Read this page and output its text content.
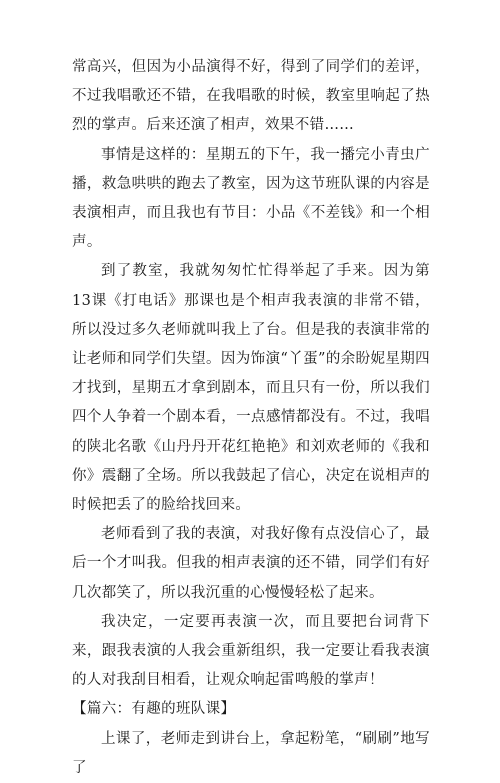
常高兴，但因为小品演得不好，得到了同学们的差评，不过我唱歌还不错，在我唱歌的时候，教室里响起了热烈的掌声。后来还演了相声，效果不错……

事情是这样的：星期五的下午，我一播完小青虫广播，救急哄哄的跑去了教室，因为这节班队课的内容是表演相声，而且我也有节目：小品《不差钱》和一个相声。

到了教室，我就匆匆忙忙得举起了手来。因为第13课《打电话》那课也是个相声我表演的非常不错，所以没过多久老师就叫我上了台。但是我的表演非常的让老师和同学们失望。因为饰演“丫蛋”的余盼妮星期四才找到，星期五才拿到剧本，而且只有一份，所以我们四个人争着一个剧本看，一点感情都没有。不过，我唱的陕北名歌《山丹丹开花红艳艳》和刘欢老师的《我和你》震翻了全场。所以我鼓起了信心，决定在说相声的时候把丢了的脸给找回来。

老师看到了我的表演，对我好像有点没信心了，最后一个才叫我。但我的相声表演的还不错，同学们有好几次都笑了，所以我沉重的心慢慢轻松了起来。

我决定，一定要再表演一次，而且要把台词背下来，跟我表演的人我会重新组织，我一定要让看我表演的人对我刮目相看，让观众响起雷鸣般的掌声！

【篇六：有趣的班队课】

上课了，老师走到讲台上，拿起粉笔，“刷刷”地写了
